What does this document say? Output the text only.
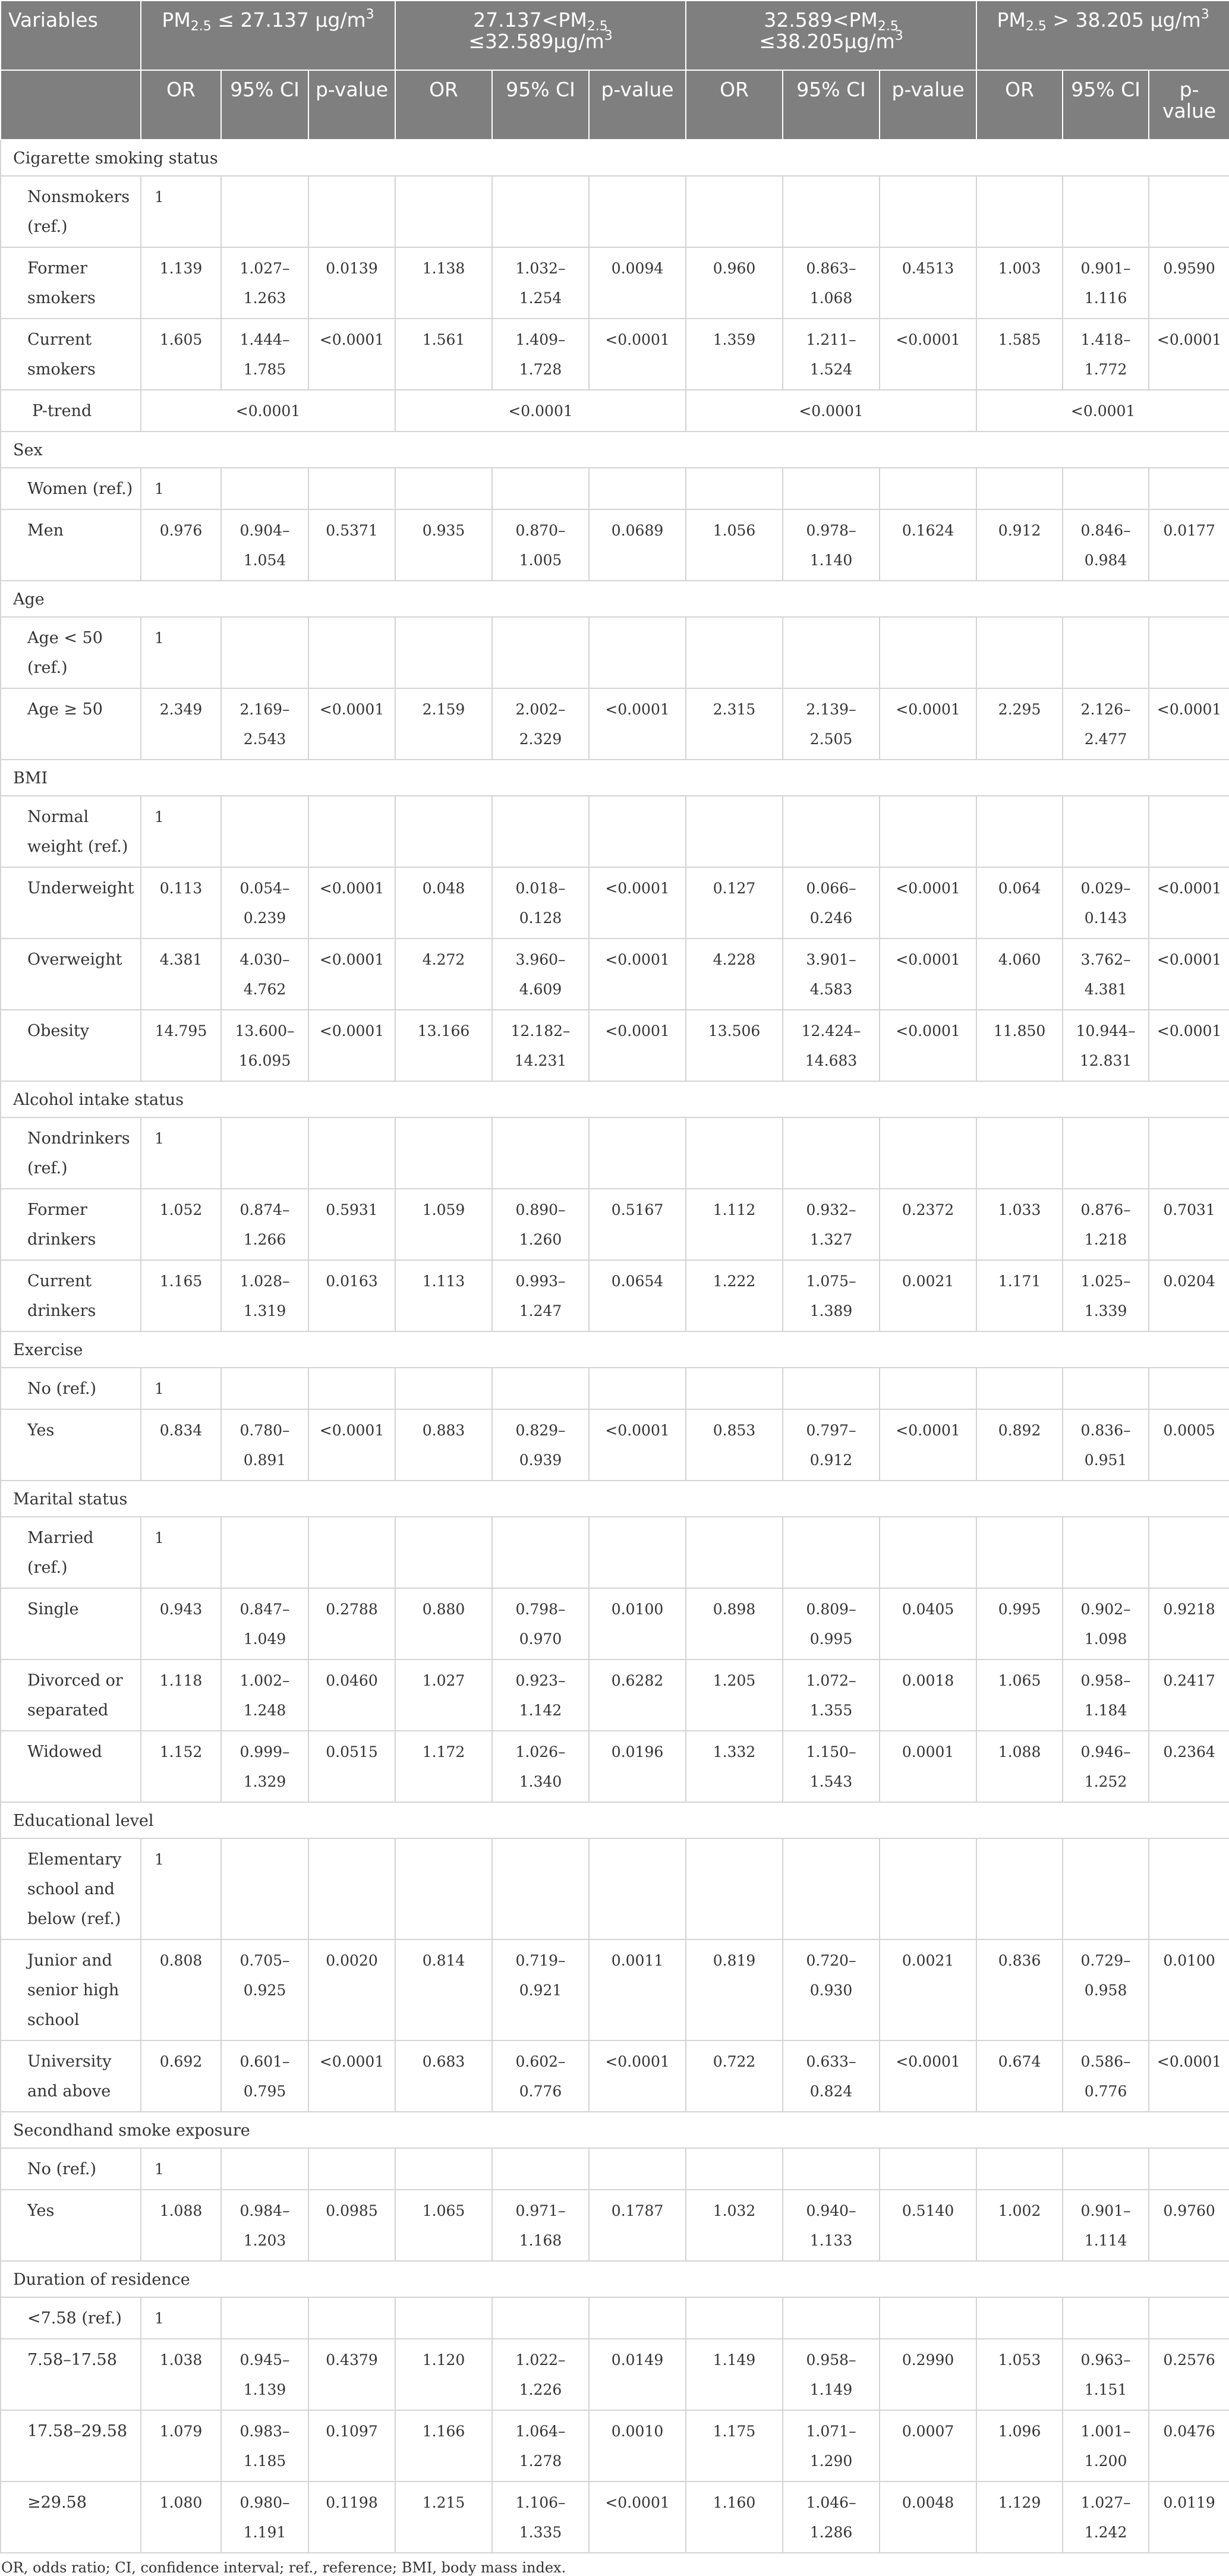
Variables	$PM_{2.5} \le 27.137$ $\mu g/m^3$			$27.137<PM_{2.5} \le 32.589\mu g/m^3$			$32.589<PM_{2.5} \le 38.205\mu g/m^3$			$PM_{2.5} > 38.205$ $\mu g/m^3$
	OR	95% CI	p-value	OR	95% CI	p-value	OR	95% CI	p-value	OR	95% CI	p-value
Cigarette smoking status												
Nonsmokers (ref.)	1											
Former smokers	1.139	1.027–1.263	0.0139	1.138	1.032–1.254	0.0094	0.960	0.863–1.068	0.4513	1.003	0.901–1.116	0.9590
Current smokers	1.605	1.444–1.785	<0.0001	1.561	1.409–1.728	<0.0001	1.359	1.211–1.524	<0.0001	1.585	1.418–1.772	<0.0001
P-trend	<0.0001			<0.0001			<0.0001			<0.0001		
Sex												
Women (ref.)	1											
Men	0.976	0.904–1.054	0.5371	0.935	0.870–1.005	0.0689	1.056	0.978–1.140	0.1624	0.912	0.846–0.984	0.0177
Age												
Age < 50 (ref.)	1											
Age ≥ 50	2.349	2.169–2.543	<0.0001	2.159	2.002–2.329	<0.0001	2.315	2.139–2.505	<0.0001	2.295	2.126–2.477	<0.0001
BMI												
Normal weight (ref.)	1											
Underweight	0.113	0.054–0.239	<0.0001	0.048	0.018–0.128	<0.0001	0.127	0.066–0.246	<0.0001	0.064	0.029–0.143	<0.0001
Overweight	4.381	4.030–4.762	<0.0001	4.272	3.960–4.609	<0.0001	4.228	3.901–4.583	<0.0001	4.060	3.762–4.381	<0.0001
Obesity	14.795	13.600–16.095	<0.0001	13.166	12.182–14.231	<0.0001	13.506	12.424–14.683	<0.0001	11.850	10.944–12.831	<0.0001
Alcohol intake status												
Nondrinkers (ref.)	1											
Former drinkers	1.052	0.874–1.266	0.5931	1.059	0.890–1.260	0.5167	1.112	0.932–1.327	0.2372	1.033	0.876–1.218	0.7031
Current drinkers	1.165	1.028–1.319	0.0163	1.113	0.993–1.247	0.0654	1.222	1.075–1.389	0.0021	1.171	1.025–1.339	0.0204
Exercise												
No (ref.)	1											
Yes	0.834	0.780–0.891	<0.0001	0.883	0.829–0.939	<0.0001	0.853	0.797–0.912	<0.0001	0.892	0.836–0.951	0.0005
Marital status												
Married (ref.)	1											
Single	0.943	0.847–1.049	0.2788	0.880	0.798–0.970	0.0100	0.898	0.809–0.995	0.0405	0.995	0.902–1.098	0.9218
Divorced or separated	1.118	1.002–1.248	0.0460	1.027	0.923–1.142	0.6282	1.205	1.072–1.355	0.0018	1.065	0.958–1.184	0.2417
Widowed	1.152	0.999–1.329	0.0515	1.172	1.026–1.340	0.0196	1.332	1.150–1.543	0.0001	1.088	0.946–1.252	0.2364
Educational level												
Elementary school and below (ref.)	1											
Junior and senior high school	0.808	0.705–0.925	0.0020	0.814	0.719–0.921	0.0011	0.819	0.720–0.930	0.0021	0.836	0.729–0.958	0.0100
University and above	0.692	0.601–0.795	<0.0001	0.683	0.602–0.776	<0.0001	0.722	0.633–0.824	<0.0001	0.674	0.586–0.776	<0.0001
Secondhand smoke exposure												
No (ref.)	1											
Yes	1.088	0.984–1.203	0.0985	1.065	0.971–1.168	0.1787	1.032	0.940–1.133	0.5140	1.002	0.901–1.114	0.9760
Duration of residence												
<7.58 (ref.)	1											
7.58–17.58	1.038	0.945–1.139	0.4379	1.120	1.022–1.226	0.0149	1.149	0.958–1.149	0.2990	1.053	0.963–1.151	0.2576
17.58–29.58	1.079	0.983–1.185	0.1097	1.166	1.064–1.278	0.0010	1.175	1.071–1.290	0.0007	1.096	1.001–1.200	0.0476
≥29.58	1.080	0.980–1.191	0.1198	1.215	1.106–1.335	<0.0001	1.160	1.046–1.286	0.0048	1.129	1.027–1.242	0.0119
OR, odds ratio; CI, confidence interval; ref., reference; BMI, body mass index.
